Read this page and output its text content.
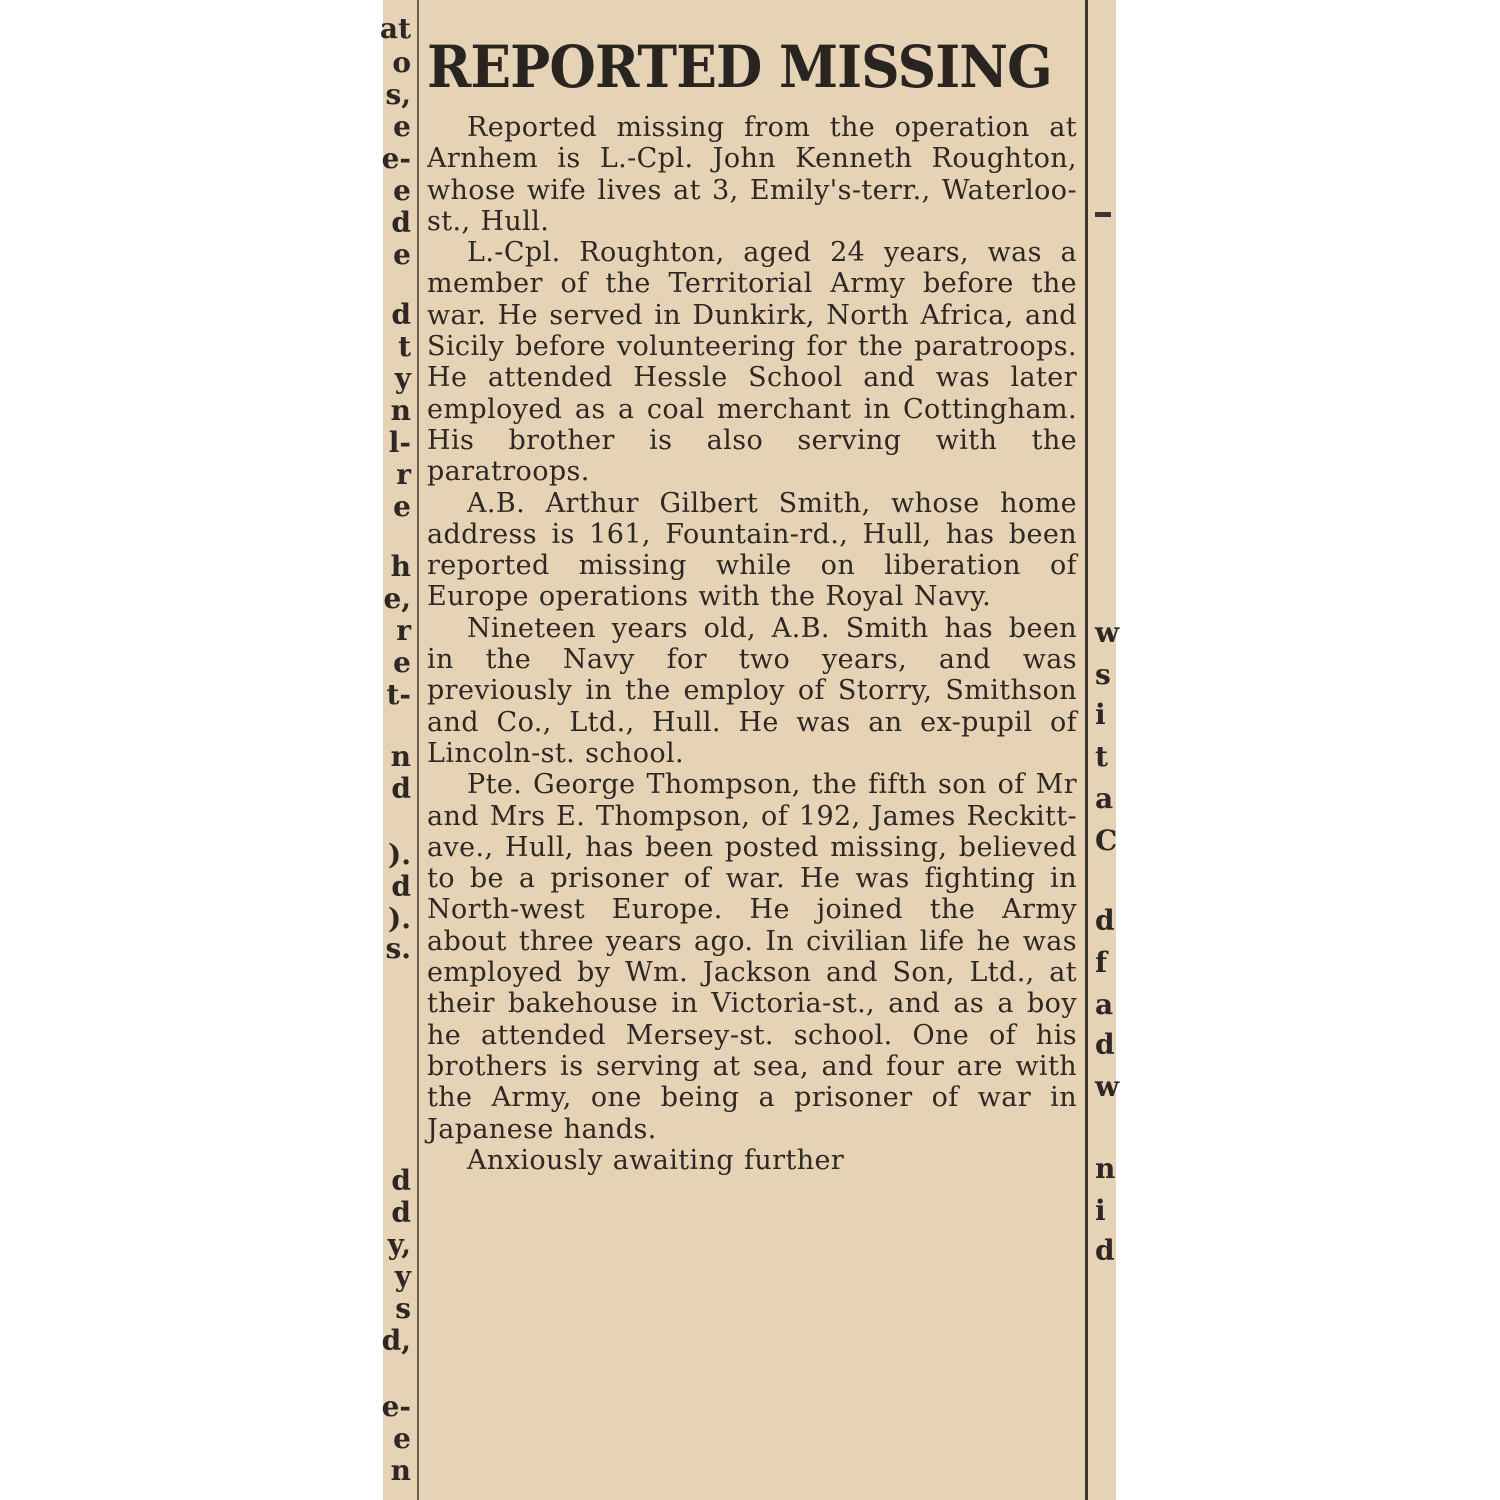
at
o
s,
e
e-
e
d
e
d
t
y
n
l-
r
e
h
e,
r
e
t-
n
d
).
d
).
s.
d
d
y,
y
s
d,
e-
e
n
w
s
i
t
a
C
d
f
a
d
w
n
i
d
REPORTED MISSING

Reported missing from the operation at Arnhem is L.-Cpl. John Kenneth Roughton, whose wife lives at 3, Emily's-terr., Waterloo-st., Hull.

L.-Cpl. Roughton, aged 24 years, was a member of the Territorial Army before the war. He served in Dunkirk, North Africa, and Sicily before volunteering for the paratroops. He attended Hessle School and was later employed as a coal merchant in Cottingham. His brother is also serving with the paratroops.

A.B. Arthur Gilbert Smith, whose home address is 161, Fountain-rd., Hull, has been reported missing while on liberation of Europe operations with the Royal Navy.

Nineteen years old, A.B. Smith has been in the Navy for two years, and was previously in the employ of Storry, Smithson and Co., Ltd., Hull. He was an ex-pupil of Lincoln-st. school.

Pte. George Thompson, the fifth son of Mr and Mrs E. Thompson, of 192, James Reckitt-ave., Hull, has been posted missing, believed to be a prisoner of war. He was fighting in North-west Europe. He joined the Army about three years ago. In civilian life he was employed by Wm. Jackson and Son, Ltd., at their bakehouse in Victoria-st., and as a boy he attended Mersey-st. school. One of his brothers is serving at sea, and four are with the Army, one being a prisoner of war in Japanese hands.

Anxiously awaiting further
